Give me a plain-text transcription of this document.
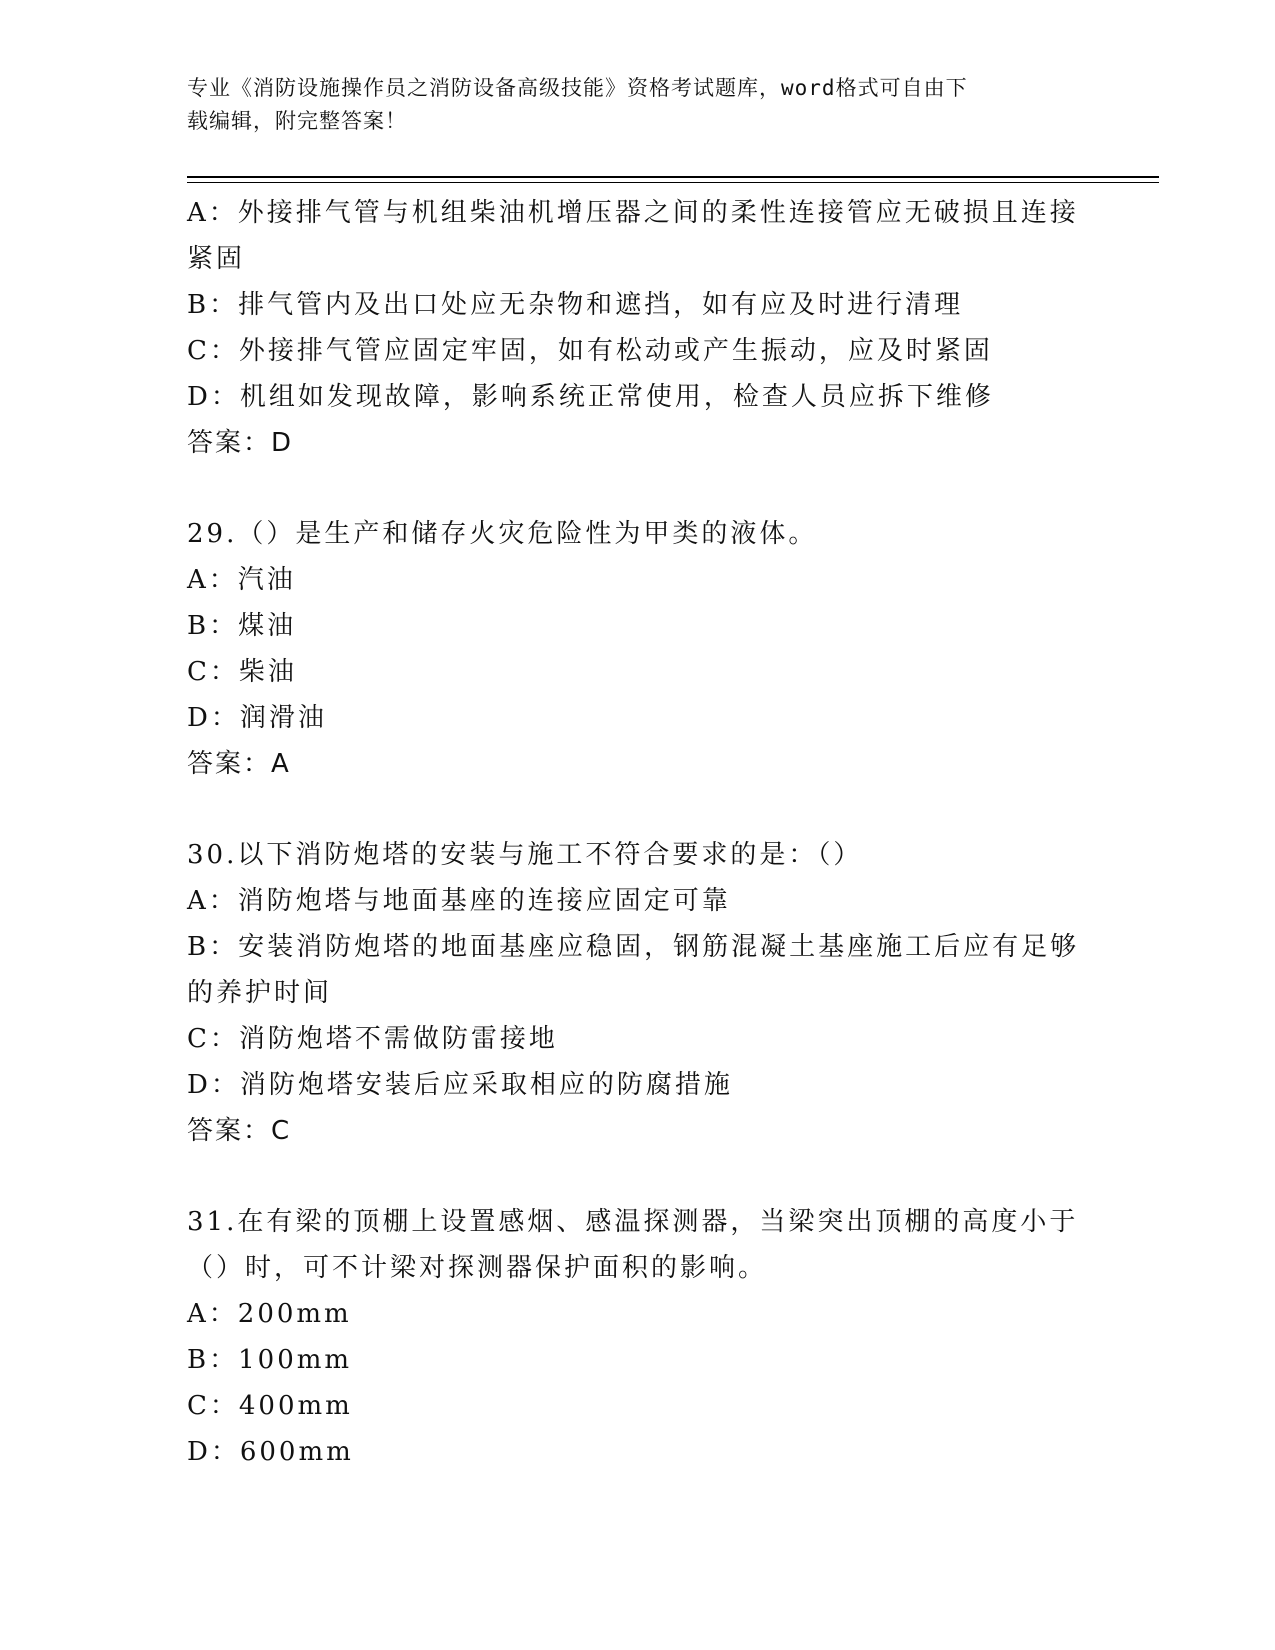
专业《消防设施操作员之消防设备高级技能》资格考试题库，word格式可自由下
载编辑，附完整答案！
A：外接排气管与机组柴油机增压器之间的柔性连接管应无破损且连接
紧固
B：排气管内及出口处应无杂物和遮挡，如有应及时进行清理
C：外接排气管应固定牢固，如有松动或产生振动，应及时紧固
D：机组如发现故障，影响系统正常使用，检查人员应拆下维修
答案：D
29.（）是生产和储存火灾危险性为甲类的液体。
A：汽油
B：煤油
C：柴油
D：润滑油
答案：A
30.以下消防炮塔的安装与施工不符合要求的是：（）
A：消防炮塔与地面基座的连接应固定可靠
B：安装消防炮塔的地面基座应稳固，钢筋混凝土基座施工后应有足够
的养护时间
C：消防炮塔不需做防雷接地
D：消防炮塔安装后应采取相应的防腐措施
答案：C
31.在有梁的顶棚上设置感烟、感温探测器，当梁突出顶棚的高度小于
（）时，可不计梁对探测器保护面积的影响。
A：200mm
B：100mm
C：400mm
D：600mm
